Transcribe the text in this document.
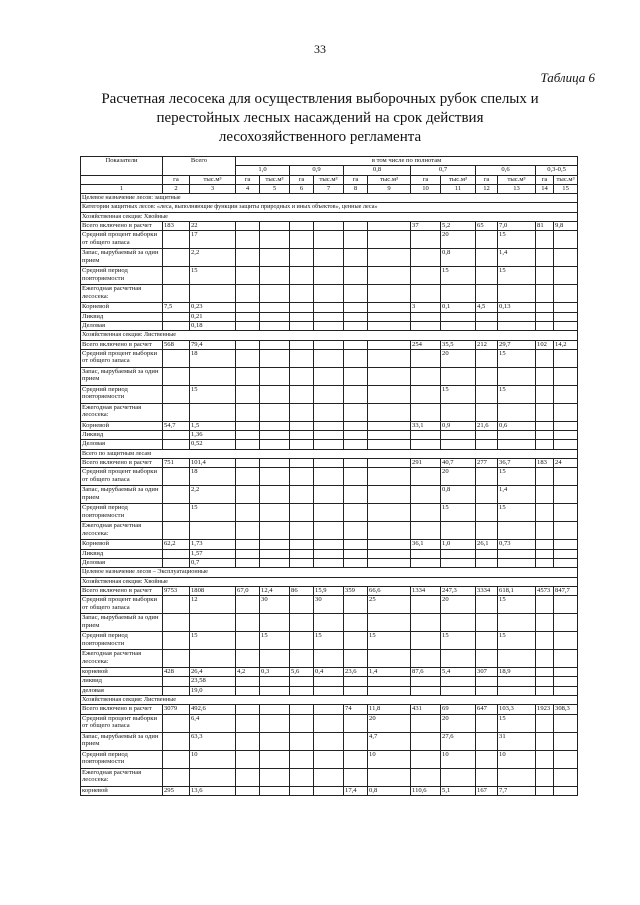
33
Таблица 6
Расчетная лесосека для осуществления выборочных рубок спелых и
перестойных лесных насаждений на срок действия
лесохозяйственного регламента
Показатели	Всего		в том числе по полнотам											
			1,0		0,9		0,8		0,7		0,6		0,3-0,5	
	га	тыс.м³	га	тыс.м³	га	тыс.м³	га	тыс.м³	га	тыс.м³	га	тыс.м³	га	тыс.м³
1	2	3	4	5	6	7	8	9	10	11	12	13	14	15
Целевое назначение лесов: защитные														
Категории защитных лесов: «леса, выполняющие функции защиты природных и иных объектов», ценные леса»														
Хозяйственная секция: Хвойные														
Всего включено в расчет	183	22							37	5,2	65	7,0	81	9,8
Средний процент выборки от общего запаса		17								20		15		
Запас, вырубаемый за один прием		2,2								0,8		1,4		
Средний период повторяемости		15								15		15		
Ежегодная расчетная лесосека:														
Корневой	7,5	0,23							3	0,1	4,5	0,13		
Ликвид		0,21												
Деловая		0,18												
Хозяйственная секция: Лиственные														
Всего включено в расчет	568	79,4							254	35,5	212	29,7	102	14,2
Средний процент выборки от общего запаса		18								20		15		
Запас, вырубаемый за один прием														
Средний период повторяемости		15								15		15		
Ежегодная расчетная лесосека:														
Корневой	54,7	1,5							33,1	0,9	21,6	0,6		
Ликвид		1,36												
Деловая		0,52												
Всего по защитным лесам														
Всего включено в расчет	751	101,4							291	40,7	277	36,7	183	24
Средний процент выборки от общего запаса		18								20		15		
Запас, вырубаемый за один прием		2,2								0,8		1,4		
Средний период повторяемости		15								15		15		
Ежегодная расчетная лесосека:														
Корневой	62,2	1,73							36,1	1,0	26,1	0,73		
Ликвид		1,57												
Деловая		0,7												
Целевое назначение лесов – Эксплуатационные														
Хозяйственная секция: Хвойные														
Всего включено в расчет	9753	1808	67,0	12,4	86	15,9	359	66,6	1334	247,3	3334	618,1	4573	847,7
Средний процент выборки от общего запаса		12		30		30		25		20		15		
Запас, вырубаемый за один прием														
Средний период повторяемости		15		15		15		15		15		15		
Ежегодная расчетная лесосека:														
корневой	428	26,4	4,2	0,3	5,6	0,4	23,6	1,4	87,6	5,4	307	18,9		
ликвид		23,58												
деловая		19,0												
Хозяйственная секция: Лиственные														
Всего включено в расчет	3079	492,6					74	11,8	431	69	647	103,3	1923	308,3
Средний процент выборки от общего запаса		6,4						20		20		15		
Запас, вырубаемый за один прием		63,3						4,7		27,6		31		
Средний период повторяемости		10						10		10		10		
Ежегодная расчетная лесосека:														
корневой	295	13,6					17,4	0,8	110,6	5,1	167	7,7		
